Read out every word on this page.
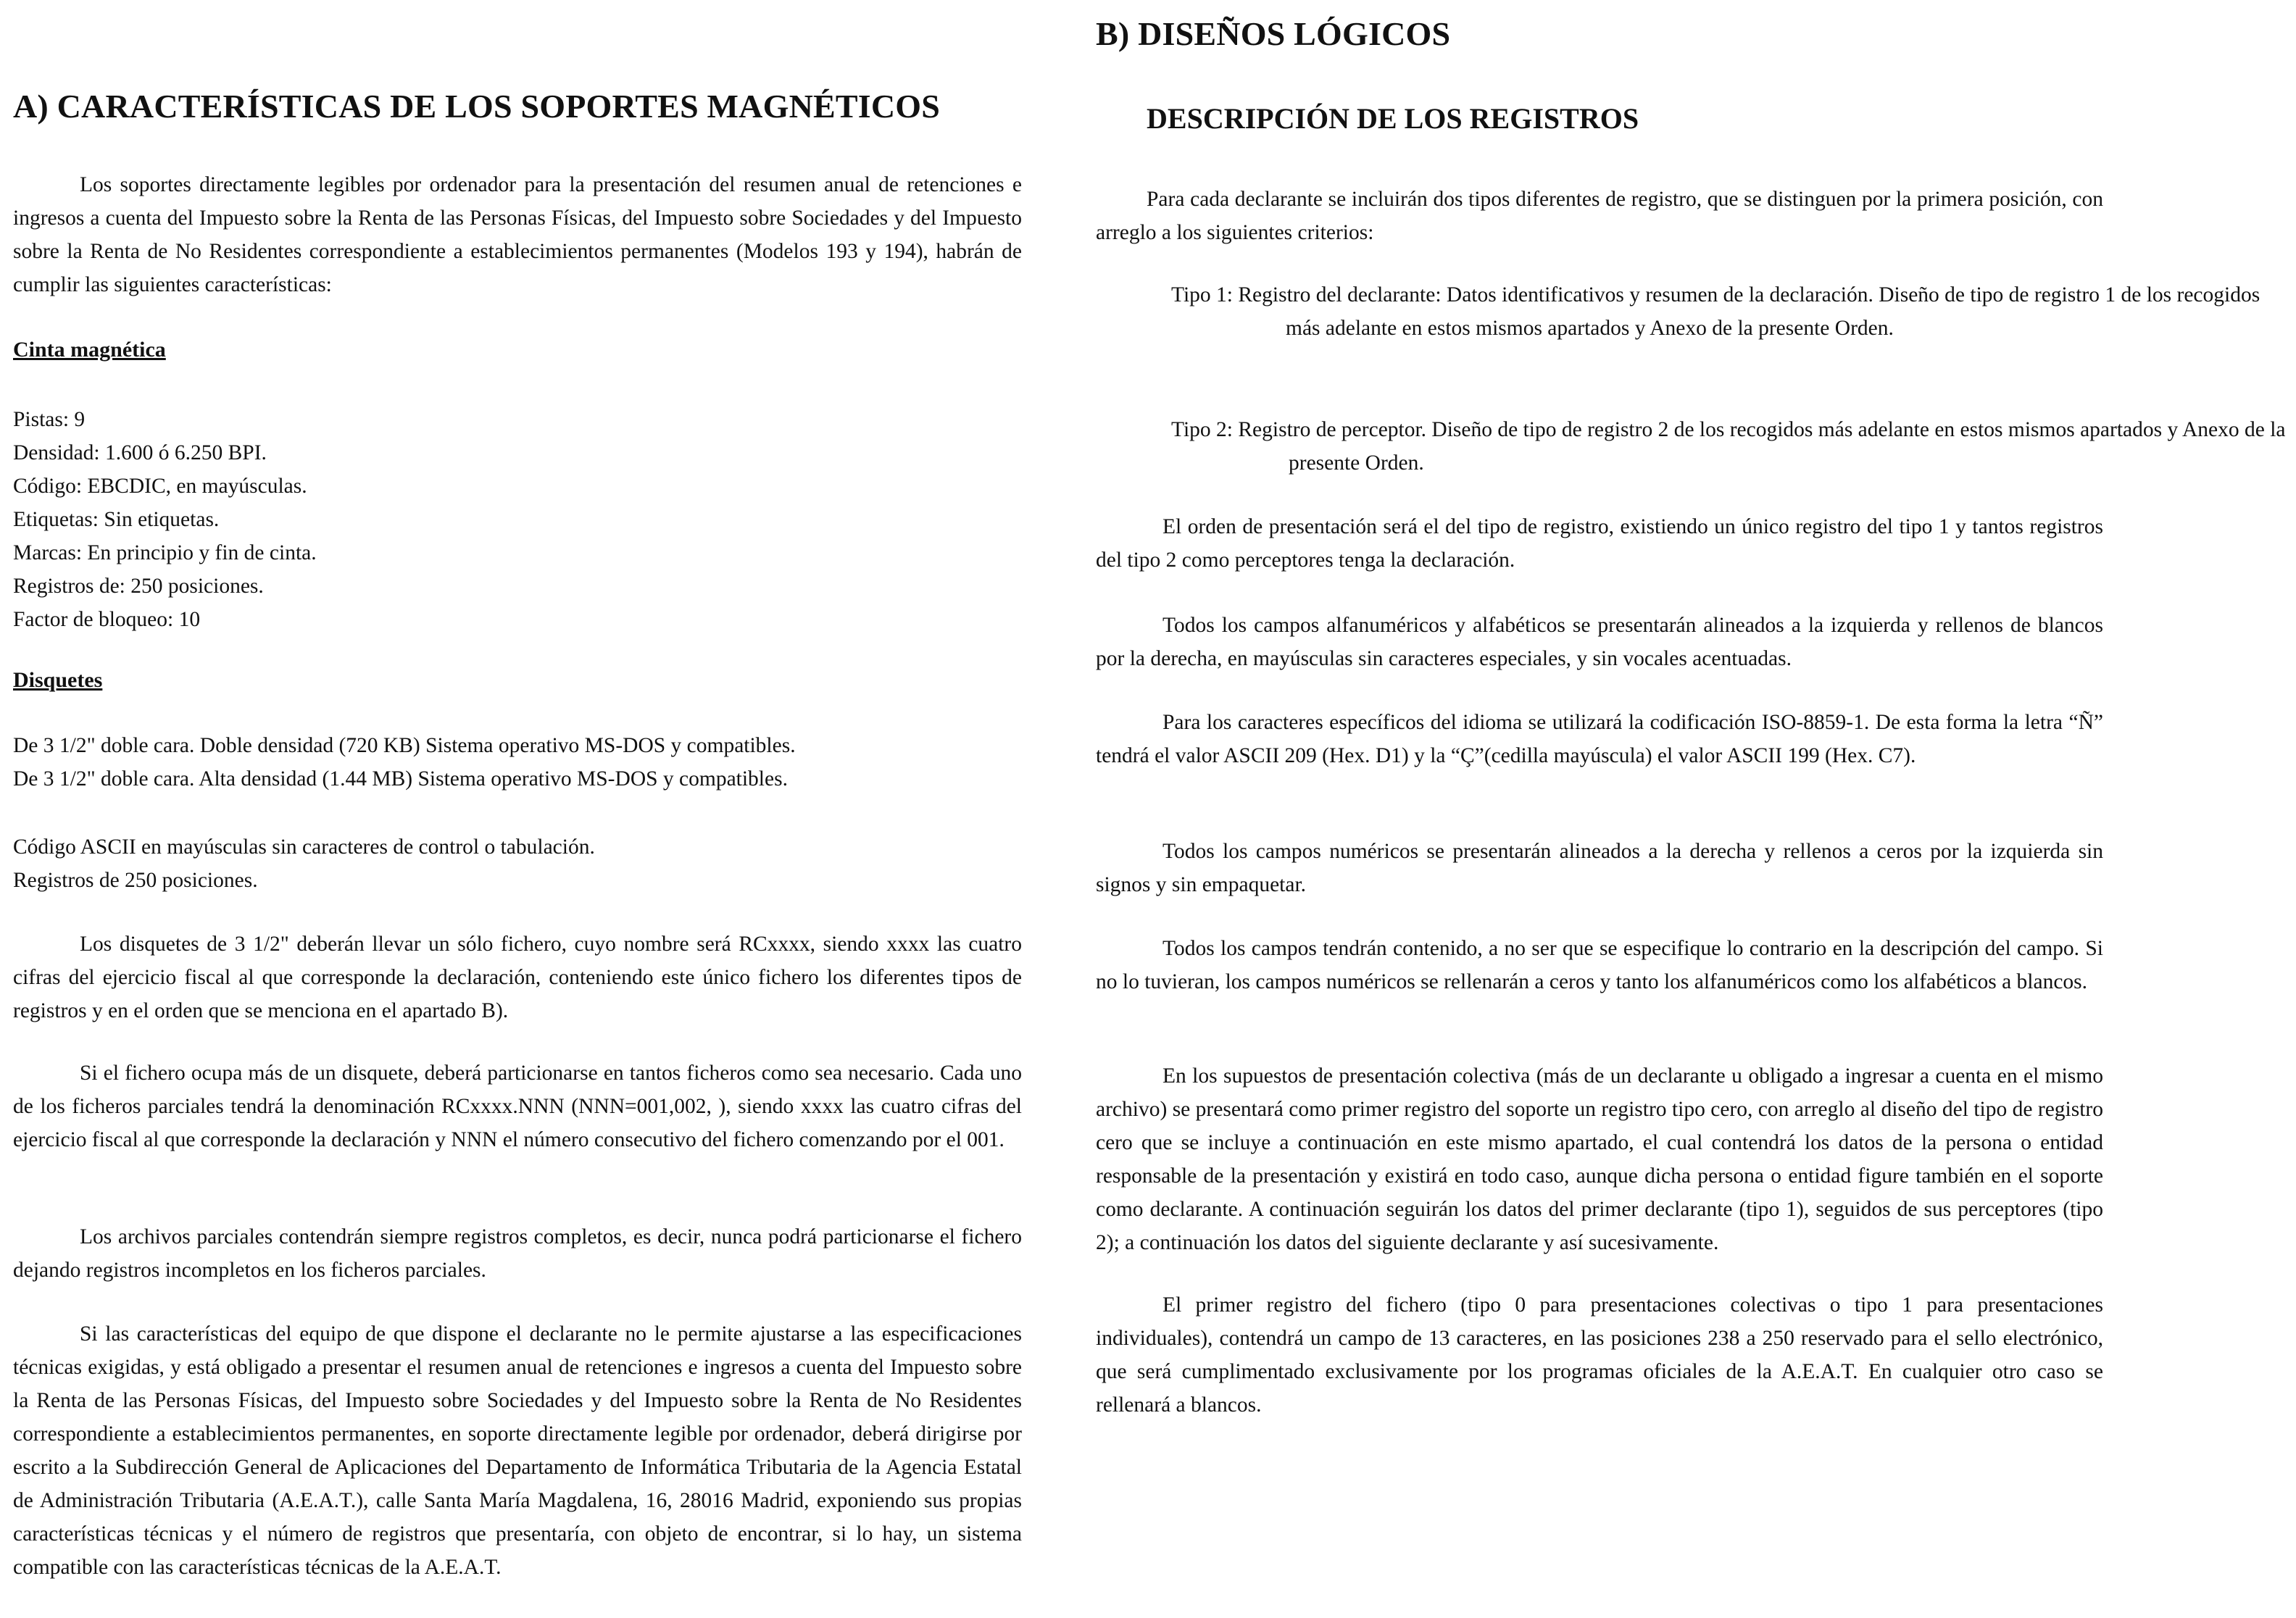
A) CARACTERÍSTICAS DE LOS SOPORTES MAGNÉTICOS

Los soportes directamente legibles por ordenador para la presentación del resumen anual de retenciones e ingresos a cuenta del Impuesto sobre la Renta de las Personas Físicas, del Impuesto sobre Sociedades y del Impuesto sobre la Renta de No Residentes correspondiente a establecimientos permanentes (Modelos 193 y 194), habrán de cumplir las siguientes características:

Cinta magnética
Pistas: 9
Densidad: 1.600 ó 6.250 BPI.
Código: EBCDIC, en mayúsculas.
Etiquetas: Sin etiquetas.
Marcas: En principio y fin de cinta.
Registros de: 250 posiciones.
Factor de bloqueo: 10
Disquetes
De 3 1/2" doble cara. Doble densidad (720 KB) Sistema operativo MS-DOS y compatibles.
De 3 1/2" doble cara. Alta densidad (1.44 MB) Sistema operativo MS-DOS y compatibles.
Código ASCII en mayúsculas sin caracteres de control o tabulación.
Registros de 250 posiciones.

Los disquetes de 3 1/2" deberán llevar un sólo fichero, cuyo nombre será RCxxxx, siendo xxxx las cuatro cifras del ejercicio fiscal al que corresponde la declaración, conteniendo este único fichero los diferentes tipos de registros y en el orden que se menciona en el apartado B).

Si el fichero ocupa más de un disquete, deberá particionarse en tantos ficheros como sea necesario. Cada uno de los ficheros parciales tendrá la denominación RCxxxx.NNN (NNN=001,002, ), siendo xxxx las cuatro cifras del ejercicio fiscal al que corresponde la declaración y NNN el número consecutivo del fichero comenzando por el 001.

Los archivos parciales contendrán siempre registros completos, es decir, nunca podrá particionarse el fichero dejando registros incompletos en los ficheros parciales.

Si las características del equipo de que dispone el declarante no le permite ajustarse a las especificaciones técnicas exigidas, y está obligado a presentar el resumen anual de retenciones e ingresos a cuenta del Impuesto sobre la Renta de las Personas Físicas, del Impuesto sobre Sociedades y del Impuesto sobre la Renta de No Residentes correspondiente a establecimientos permanentes, en soporte directamente legible por ordenador, deberá dirigirse por escrito a la Subdirección General de Aplicaciones del Departamento de Informática Tributaria de la Agencia Estatal de Administración Tributaria (A.E.A.T.), calle Santa María Magdalena, 16, 28016 Madrid, exponiendo sus propias características técnicas y el número de registros que presentaría, con objeto de encontrar, si lo hay, un sistema compatible con las características técnicas de la A.E.A.T.

B) DISEÑOS LÓGICOS
DESCRIPCIÓN DE LOS REGISTROS

Para cada declarante se incluirán dos tipos diferentes de registro, que se distinguen por la primera posición, con arreglo a los siguientes criterios:

Tipo 1: Registro del declarante: Datos identificativos y resumen de la declaración. Diseño de tipo de registro 1 de los recogidos más adelante en estos mismos apartados y Anexo de la presente Orden.

Tipo 2: Registro de perceptor. Diseño de tipo de registro 2 de los recogidos más adelante en estos mismos apartados y Anexo de la presente Orden.

El orden de presentación será el del tipo de registro, existiendo un único registro del tipo 1 y tantos registros del tipo 2 como perceptores tenga la declaración.

Todos los campos alfanuméricos y alfabéticos se presentarán alineados a la izquierda y rellenos de blancos por la derecha, en mayúsculas sin caracteres especiales, y sin vocales acentuadas.

Para los caracteres específicos del idioma se utilizará la codificación ISO-8859-1. De esta forma la letra “Ñ” tendrá el valor ASCII 209 (Hex. D1) y la “Ç”(cedilla mayúscula) el valor ASCII 199 (Hex. C7).

Todos los campos numéricos se presentarán alineados a la derecha y rellenos a ceros por la izquierda sin signos y sin empaquetar.

Todos los campos tendrán contenido, a no ser que se especifique lo contrario en la descripción del campo. Si no lo tuvieran, los campos numéricos se rellenarán a ceros y tanto los alfanuméricos como los alfabéticos a blancos.

En los supuestos de presentación colectiva (más de un declarante u obligado a ingresar a cuenta en el mismo archivo) se presentará como primer registro del soporte un registro tipo cero, con arreglo al diseño del tipo de registro cero que se incluye a continuación en este mismo apartado, el cual contendrá los datos de la persona o entidad responsable de la presentación y existirá en todo caso, aunque dicha persona o entidad figure también en el soporte como declarante. A continuación seguirán los datos del primer declarante (tipo 1), seguidos de sus perceptores (tipo 2); a continuación los datos del siguiente declarante y así sucesivamente.

El primer registro del fichero (tipo 0 para presentaciones colectivas o tipo 1 para presentaciones individuales), contendrá un campo de 13 caracteres, en las posiciones 238 a 250 reservado para el sello electrónico, que será cumplimentado exclusivamente por los programas oficiales de la A.E.A.T. En cualquier otro caso se rellenará a blancos.
